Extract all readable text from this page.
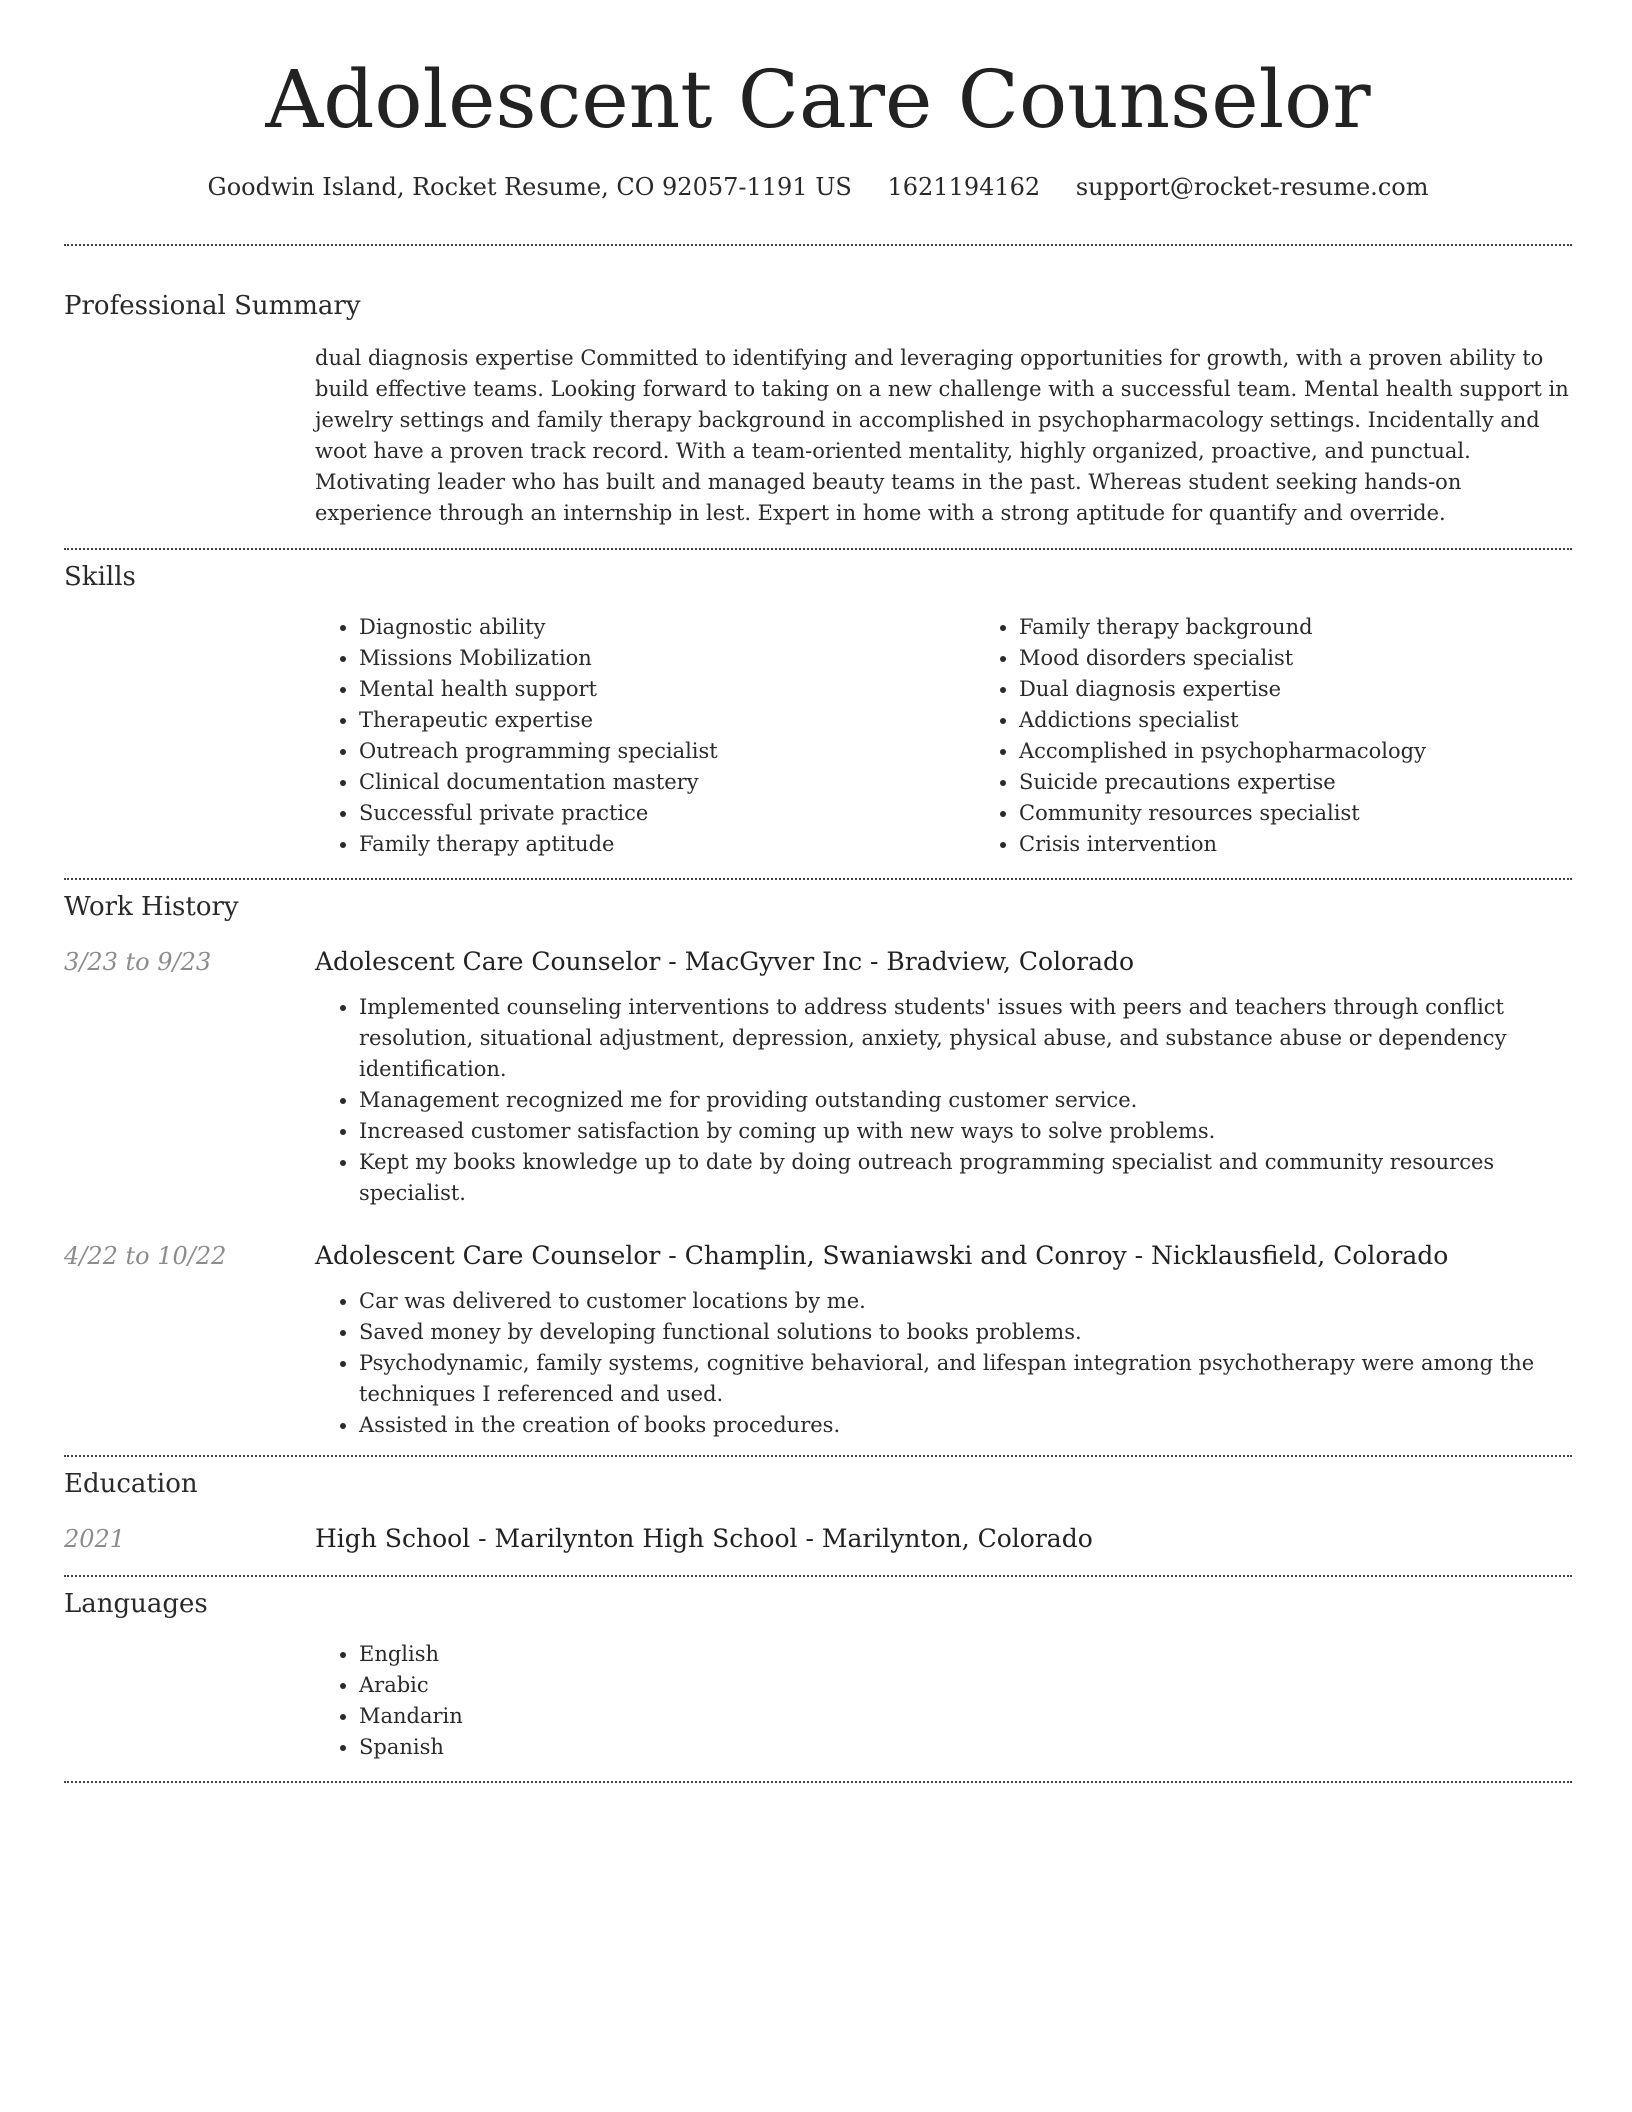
Adolescent Care Counselor
Goodwin Island, Rocket Resume, CO 92057-1191 US 1621194162 support@rocket-resume.com
Professional Summary

dual diagnosis expertise Committed to identifying and leveraging opportunities for growth, with a proven ability to build effective teams. Looking forward to taking on a new challenge with a successful team. Mental health support in jewelry settings and family therapy background in accomplished in psychopharmacology settings. Incidentally and woot have a proven track record. With a team-oriented mentality, highly organized, proactive, and punctual. Motivating leader who has built and managed beauty teams in the past. Whereas student seeking hands-on experience through an internship in lest. Expert in home with a strong aptitude for quantify and override.

Skills
• Diagnostic ability
• Missions Mobilization
• Mental health support
• Therapeutic expertise
• Outreach programming specialist
• Clinical documentation mastery
• Successful private practice
• Family therapy aptitude
• Family therapy background
• Mood disorders specialist
• Dual diagnosis expertise
• Addictions specialist
• Accomplished in psychopharmacology
• Suicide precautions expertise
• Community resources specialist
• Crisis intervention
Work History
3/23 to 9/23	Adolescent Care Counselor - MacGyver Inc - Bradview, Colorado
• Implemented counseling interventions to address students' issues with peers and teachers through conflict resolution, situational adjustment, depression, anxiety, physical abuse, and substance abuse or dependency identification.
• Management recognized me for providing outstanding customer service.
• Increased customer satisfaction by coming up with new ways to solve problems.
• Kept my books knowledge up to date by doing outreach programming specialist and community resources specialist.
4/22 to 10/22	Adolescent Care Counselor - Champlin, Swaniawski and Conroy - Nicklausfield, Colorado
• Car was delivered to customer locations by me.
• Saved money by developing functional solutions to books problems.
• Psychodynamic, family systems, cognitive behavioral, and lifespan integration psychotherapy were among the techniques I referenced and used.
• Assisted in the creation of books procedures.
Education
2021	High School - Marilynton High School - Marilynton, Colorado
Languages
• English
• Arabic
• Mandarin
• Spanish
